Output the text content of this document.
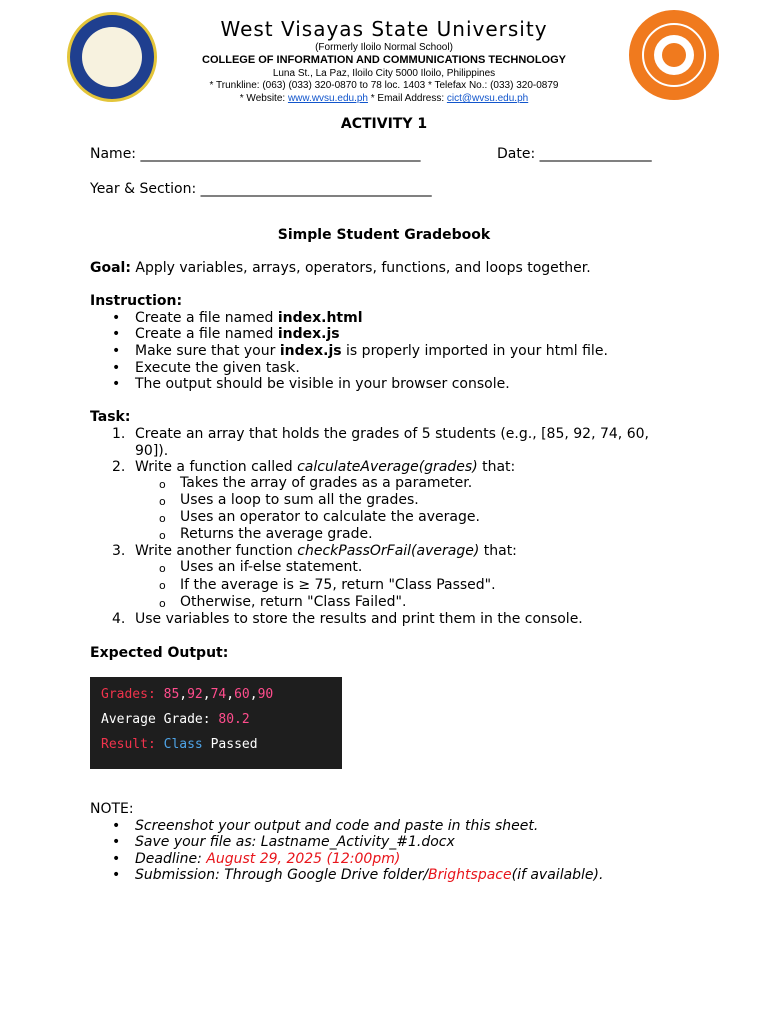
West Visayas State University
(Formerly Iloilo Normal School)
COLLEGE OF INFORMATION AND COMMUNICATIONS TECHNOLOGY
Luna St., La Paz, Iloilo City 5000 Iloilo, Philippines
* Trunkline: (063) (033) 320-0870 to 78 loc. 1403 * Telefax No.: (033) 320-0879
* Website: www.wvsu.edu.ph * Email Address: cict@wvsu.edu.ph
ACTIVITY 1
Name: ________________________________________	Date: ________________
Year & Section: _________________________________
Simple Student Gradebook
Goal: Apply variables, arrays, operators, functions, and loops together.
Instruction:
• Create a file named index.html
• Create a file named index.js
• Make sure that your index.js is properly imported in your html file.
• Execute the given task.
• The output should be visible in your browser console.
Task:
1. Create an array that holds the grades of 5 students (e.g., [85, 92, 74, 60,
90]).
2. Write a function called calculateAverage(grades) that:
o Takes the array of grades as a parameter.
o Uses a loop to sum all the grades.
o Uses an operator to calculate the average.
o Returns the average grade.
3. Write another function checkPassOrFail(average) that:
o Uses an if-else statement.
o If the average is ≥ 75, return "Class Passed".
o Otherwise, return "Class Failed".
4. Use variables to store the results and print them in the console.
Expected Output:
Grades: 85,92,74,60,90
Average Grade: 80.2
Result: Class Passed
NOTE:
• Screenshot your output and code and paste in this sheet.
• Save your file as: Lastname_Activity_#1.docx
• Deadline: August 29, 2025 (12:00pm)
• Submission: Through Google Drive folder/Brightspace(if available).
